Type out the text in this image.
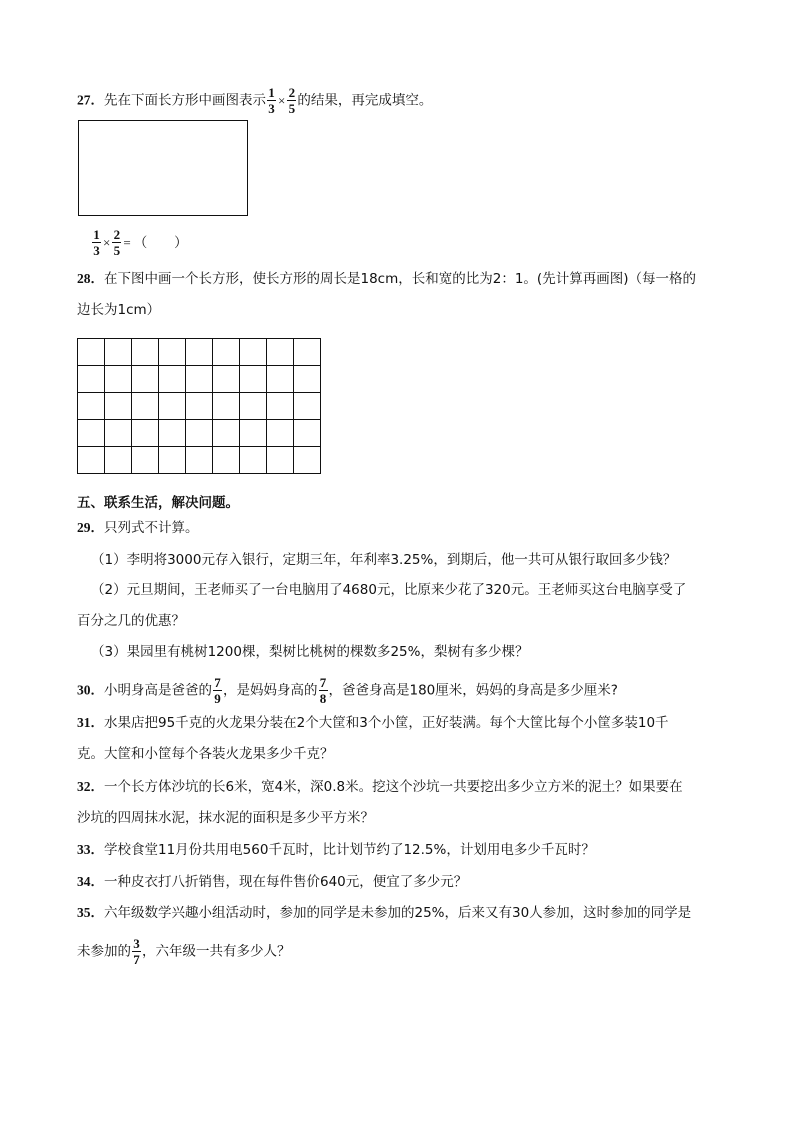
27．先在下面长方形中画图表示 $\frac{1}{3} \times \frac{2}{5}$ 的结果，再完成填空。
$\frac{1}{3} \times \frac{2}{5}$ = （　　）
28．在下图中画一个长方形，使长方形的周长是18cm，长和宽的比为2：1。(先计算再画图)（每一格的
边长为1cm）

五、联系生活，解决问题。
29．只列式不计算。
（1）李明将3000元存入银行，定期三年，年利率3.25%，到期后，他一共可从银行取回多少钱？
（2）元旦期间，王老师买了一台电脑用了4680元，比原来少花了320元。王老师买这台电脑享受了
百分之几的优惠？
（3）果园里有桃树1200棵，梨树比桃树的棵数多25%，梨树有多少棵？
30．小明身高是爸爸的 $\frac{7}{9}$ ，是妈妈身高的 $\frac{7}{8}$ ，爸爸身高是180厘米，妈妈的身高是多少厘米?
31．水果店把95千克的火龙果分装在2个大筐和3个小筐，正好装满。每个大筐比每个小筐多装10千
克。大筐和小筐每个各装火龙果多少千克？
32．一个长方体沙坑的长6米，宽4米，深0.8米。挖这个沙坑一共要挖出多少立方米的泥土？如果要在
沙坑的四周抹水泥，抹水泥的面积是多少平方米？
33．学校食堂11月份共用电560千瓦时，比计划节约了12.5%，计划用电多少千瓦时？
34．一种皮衣打八折销售，现在每件售价640元，便宜了多少元？
35．六年级数学兴趣小组活动时，参加的同学是未参加的25%，后来又有30人参加，这时参加的同学是
未参加的 $\frac{3}{7}$ ，六年级一共有多少人？
